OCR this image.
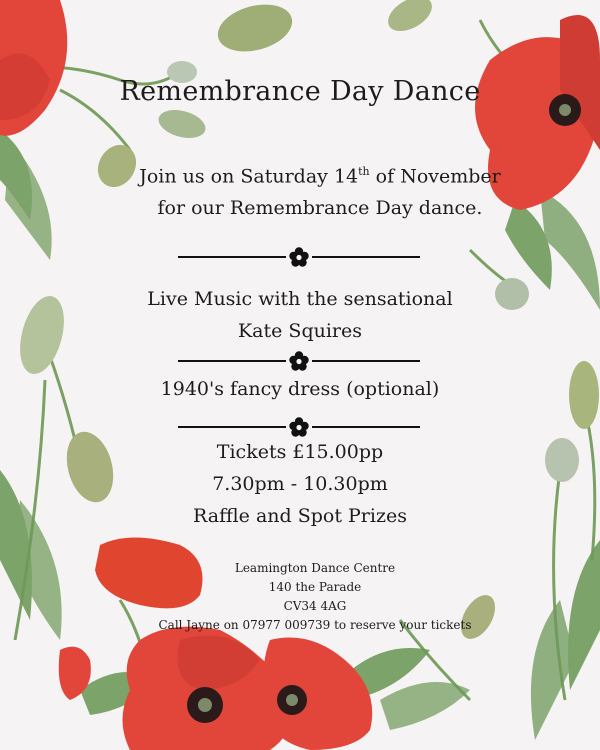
Remembrance Day Dance
Join us on Saturday 14th of November
for our Remembrance Day dance.
Live Music with the sensational
Kate Squires
1940's fancy dress (optional)
Tickets £15.00pp
7.30pm - 10.30pm
Raffle and Spot Prizes
Leamington Dance Centre
140 the Parade
CV34 4AG
Call Jayne on 07977 009739 to reserve your tickets
